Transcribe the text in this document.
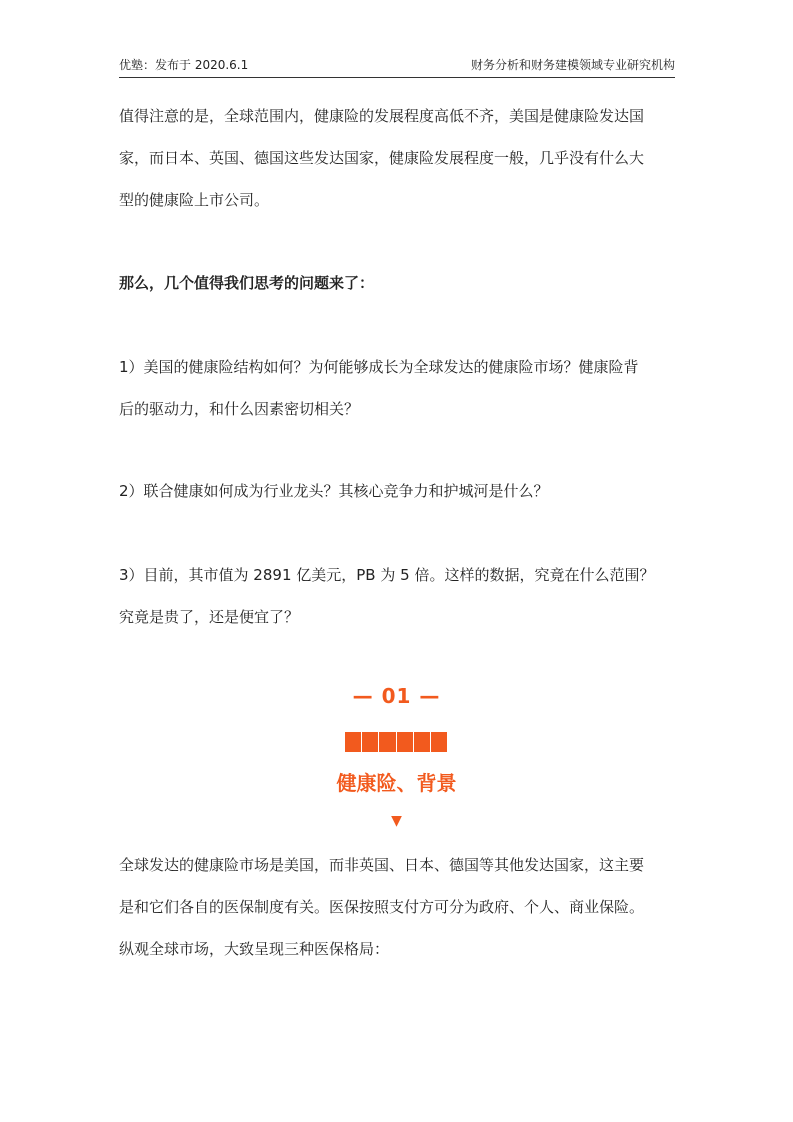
优塾：发布于 2020.6.1	财务分析和财务建模领域专业研究机构

值得注意的是，全球范围内，健康险的发展程度高低不齐，美国是健康险发达国
家，而日本、英国、德国这些发达国家，健康险发展程度一般，几乎没有什么大
型的健康险上市公司。

那么，几个值得我们思考的问题来了：

1）美国的健康险结构如何？为何能够成长为全球发达的健康险市场？健康险背
后的驱动力，和什么因素密切相关？

2）联合健康如何成为行业龙头？其核心竞争力和护城河是什么？

3）目前，其市值为 2891 亿美元，PB 为 5 倍。这样的数据，究竟在什么范围？
究竟是贵了，还是便宜了？

— 01 —
健康险、背景
▼

全球发达的健康险市场是美国，而非英国、日本、德国等其他发达国家，这主要
是和它们各自的医保制度有关。医保按照支付方可分为政府、个人、商业保险。
纵观全球市场，大致呈现三种医保格局：
